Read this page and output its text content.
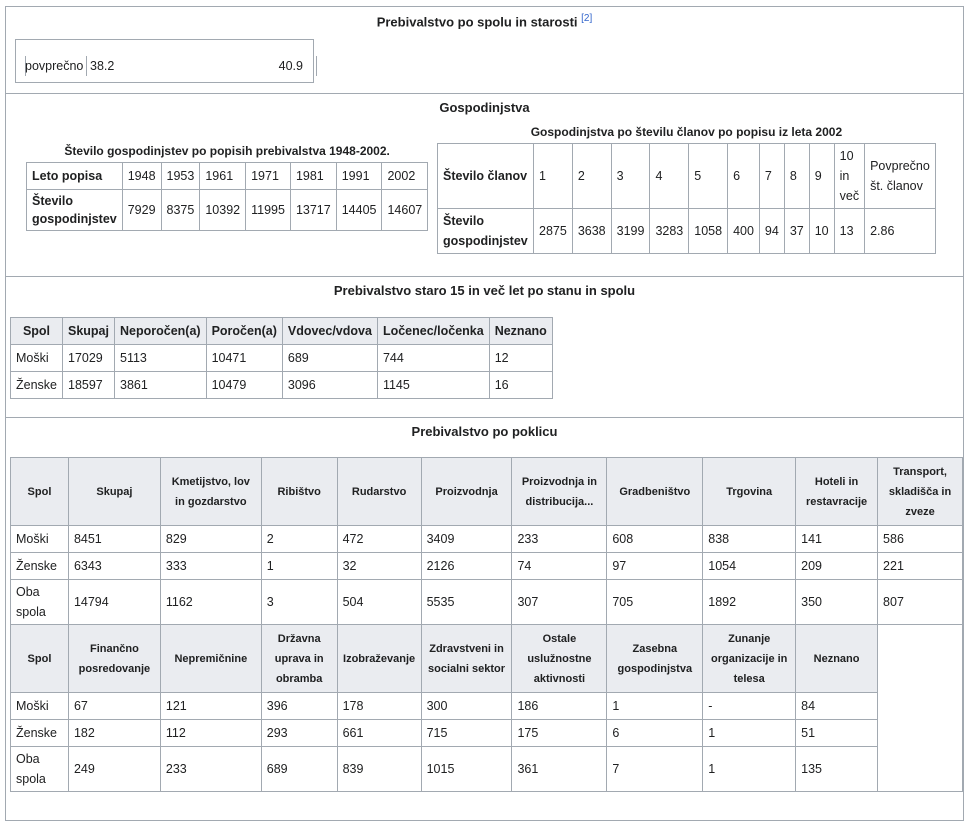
Prebivalstvo po spolu in starosti [2]
povprečno 38.2	40.9
Gospodinjstva
Število gospodinjstev po popisih prebivalstva 1948-2002.
Leto popisa	1948	1953	1961	1971	1981	1991	2002
Število gospodinjstev	7929	8375	10392	11995	13717	14405	14607
Gospodinjstva po številu članov po popisu iz leta 2002
Število članov	1	2	3	4	5	6	7	8	9	10 in več	Povprečno št. članov
Število gospodinjstev	2875	3638	3199	3283	1058	400	94	37	10	13	2.86
Prebivalstvo staro 15 in več let po stanu in spolu
Spol	Skupaj	Neporočen(a)	Poročen(a)	Vdovec/vdova	Ločenec/ločenka	Neznano
Moški	17029	5113	10471	689	744	12
Ženske	18597	3861	10479	3096	1145	16
Prebivalstvo po poklicu
Spol	Skupaj	Kmetijstvo, lov in gozdarstvo	Ribištvo	Rudarstvo	Proizvodnja	Proizvodnja in distribucija...	Gradbeništvo	Trgovina	Hoteli in restavracije	Transport, skladišča in zveze
Moški	8451	829	2	472	3409	233	608	838	141	586
Ženske	6343	333	1	32	2126	74	97	1054	209	221
Oba spola	14794	1162	3	504	5535	307	705	1892	350	807
Spol	Finančno posredovanje	Nepremičnine	Državna uprava in obramba	Izobraževanje	Zdravstveni in socialni sektor	Ostale uslužnostne aktivnosti	Zasebna gospodinjstva	Zunanje organizacije in telesa	Neznano	
Moški	67	121	396	178	300	186	1	-	84	
Ženske	182	112	293	661	715	175	6	1	51	
Oba spola	249	233	689	839	1015	361	7	1	135	
